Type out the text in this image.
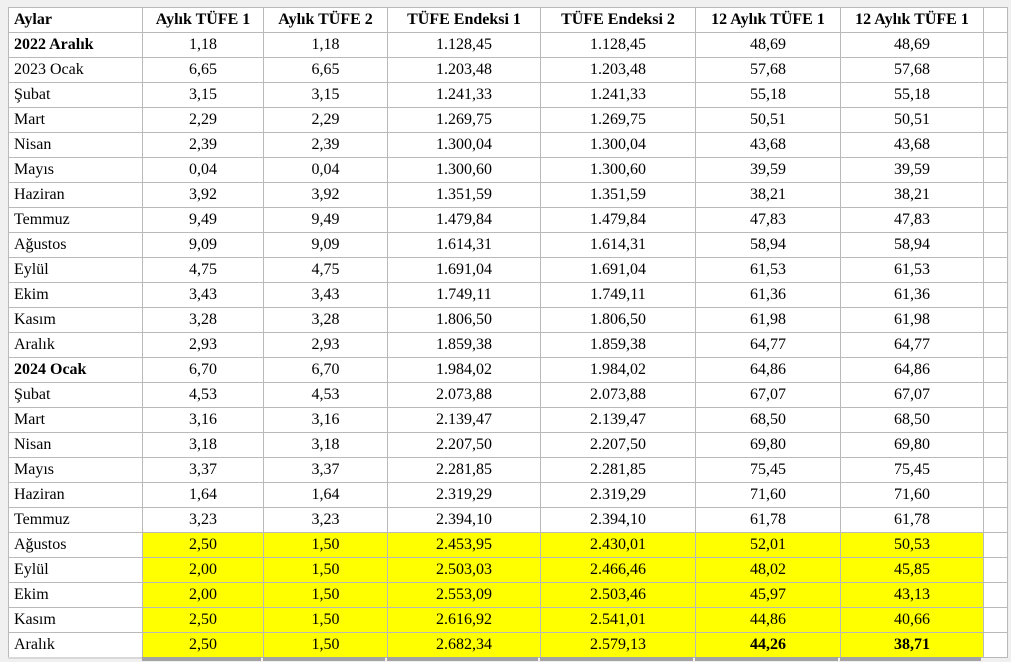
Aylar	Aylık TÜFE 1	Aylık TÜFE 2	TÜFE Endeksi 1	TÜFE Endeksi 2	12 Aylık TÜFE 1	12 Aylık TÜFE 1	
2022 Aralık	1,18	1,18	1.128,45	1.128,45	48,69	48,69	
2023 Ocak	6,65	6,65	1.203,48	1.203,48	57,68	57,68	
Şubat	3,15	3,15	1.241,33	1.241,33	55,18	55,18	
Mart	2,29	2,29	1.269,75	1.269,75	50,51	50,51	
Nisan	2,39	2,39	1.300,04	1.300,04	43,68	43,68	
Mayıs	0,04	0,04	1.300,60	1.300,60	39,59	39,59	
Haziran	3,92	3,92	1.351,59	1.351,59	38,21	38,21	
Temmuz	9,49	9,49	1.479,84	1.479,84	47,83	47,83	
Ağustos	9,09	9,09	1.614,31	1.614,31	58,94	58,94	
Eylül	4,75	4,75	1.691,04	1.691,04	61,53	61,53	
Ekim	3,43	3,43	1.749,11	1.749,11	61,36	61,36	
Kasım	3,28	3,28	1.806,50	1.806,50	61,98	61,98	
Aralık	2,93	2,93	1.859,38	1.859,38	64,77	64,77	
2024 Ocak	6,70	6,70	1.984,02	1.984,02	64,86	64,86	
Şubat	4,53	4,53	2.073,88	2.073,88	67,07	67,07	
Mart	3,16	3,16	2.139,47	2.139,47	68,50	68,50	
Nisan	3,18	3,18	2.207,50	2.207,50	69,80	69,80	
Mayıs	3,37	3,37	2.281,85	2.281,85	75,45	75,45	
Haziran	1,64	1,64	2.319,29	2.319,29	71,60	71,60	
Temmuz	3,23	3,23	2.394,10	2.394,10	61,78	61,78	
Ağustos	2,50	1,50	2.453,95	2.430,01	52,01	50,53	
Eylül	2,00	1,50	2.503,03	2.466,46	48,02	45,85	
Ekim	2,00	1,50	2.553,09	2.503,46	45,97	43,13	
Kasım	2,50	1,50	2.616,92	2.541,01	44,86	40,66	
Aralık	2,50	1,50	2.682,34	2.579,13	44,26	38,71	
